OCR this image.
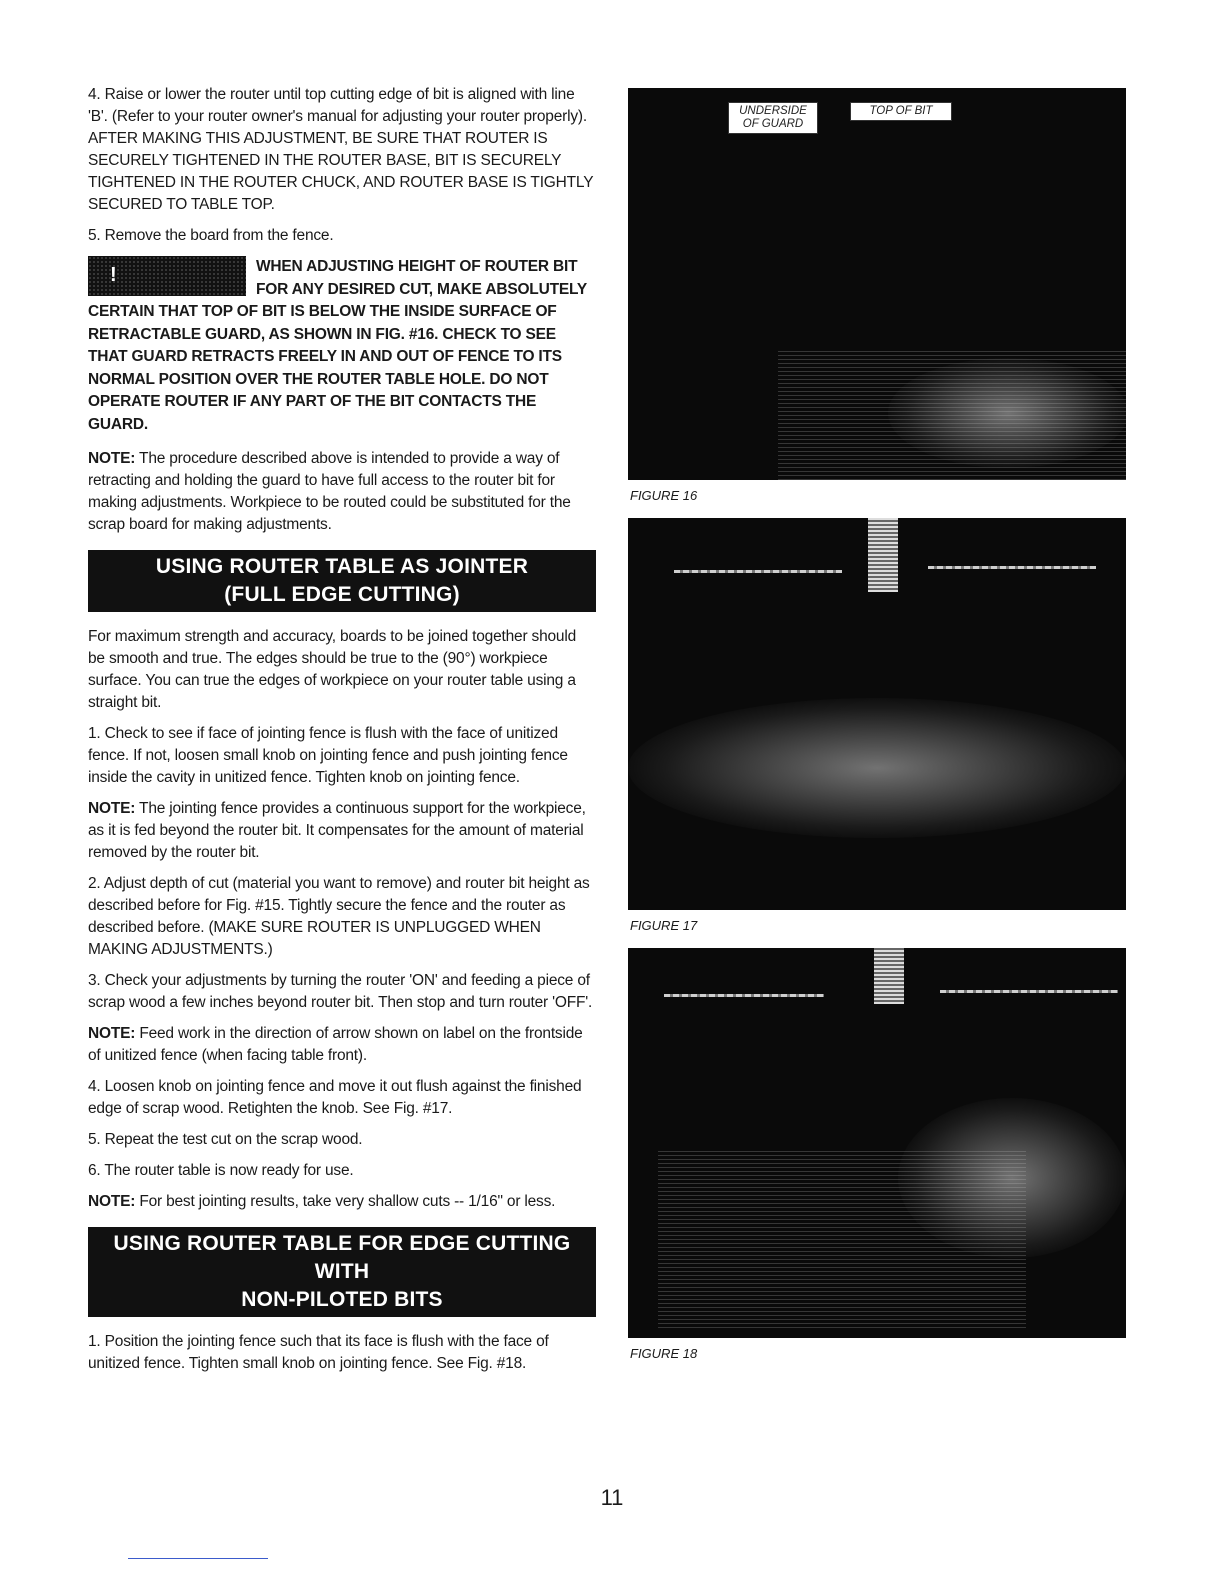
4. Raise or lower the router until top cutting edge of bit is aligned with line 'B'. (Refer to your router owner's manual for adjusting your router properly). AFTER MAKING THIS ADJUSTMENT, BE SURE THAT ROUTER IS SECURELY TIGHTENED IN THE ROUTER BASE, BIT IS SECURELY TIGHTENED IN THE ROUTER CHUCK, AND ROUTER BASE IS TIGHTLY SECURED TO TABLE TOP.

5. Remove the board from the fence.

!	WHEN ADJUSTING HEIGHT OF ROUTER BIT FOR ANY DESIRED CUT, MAKE ABSOLUTELY CERTAIN THAT TOP OF BIT IS BELOW THE INSIDE SURFACE OF RETRACTABLE GUARD, AS SHOWN IN FIG. #16. CHECK TO SEE THAT GUARD RETRACTS FREELY IN AND OUT OF FENCE TO ITS NORMAL POSITION OVER THE ROUTER TABLE HOLE. DO NOT OPERATE ROUTER IF ANY PART OF THE BIT CONTACTS THE GUARD.

NOTE: The procedure described above is intended to provide a way of retracting and holding the guard to have full access to the router bit for making adjustments. Workpiece to be routed could be substituted for the scrap board for making adjustments.

USING ROUTER TABLE AS JOINTER
(FULL EDGE CUTTING)

For maximum strength and accuracy, boards to be joined together should be smooth and true. The edges should be true to the (90°) workpiece surface. You can true the edges of workpiece on your router table using a straight bit.

1. Check to see if face of jointing fence is flush with the face of unitized fence. If not, loosen small knob on jointing fence and push jointing fence inside the cavity in unitized fence. Tighten knob on jointing fence.

NOTE: The jointing fence provides a continuous support for the workpiece, as it is fed beyond the router bit. It compensates for the amount of material removed by the router bit.

2. Adjust depth of cut (material you want to remove) and router bit height as described before for Fig. #15. Tightly secure the fence and the router as described before. (MAKE SURE ROUTER IS UNPLUGGED WHEN MAKING ADJUSTMENTS.)

3. Check your adjustments by turning the router 'ON' and feeding a piece of scrap wood a few inches beyond router bit. Then stop and turn router 'OFF'.

NOTE: Feed work in the direction of arrow shown on label on the frontside of unitized fence (when facing table front).

4. Loosen knob on jointing fence and move it out flush against the finished edge of scrap wood. Retighten the knob. See Fig. #17.

5. Repeat the test cut on the scrap wood.

6. The router table is now ready for use.

NOTE: For best jointing results, take very shallow cuts -- 1/16" or less.

USING ROUTER TABLE FOR EDGE CUTTING WITH
NON-PILOTED BITS

1. Position the jointing fence such that its face is flush with the face of unitized fence. Tighten small knob on jointing fence. See Fig. #18.

UNDERSIDE OF GUARD
TOP OF BIT
FIGURE 16
FIGURE 17
FIGURE 18
11
